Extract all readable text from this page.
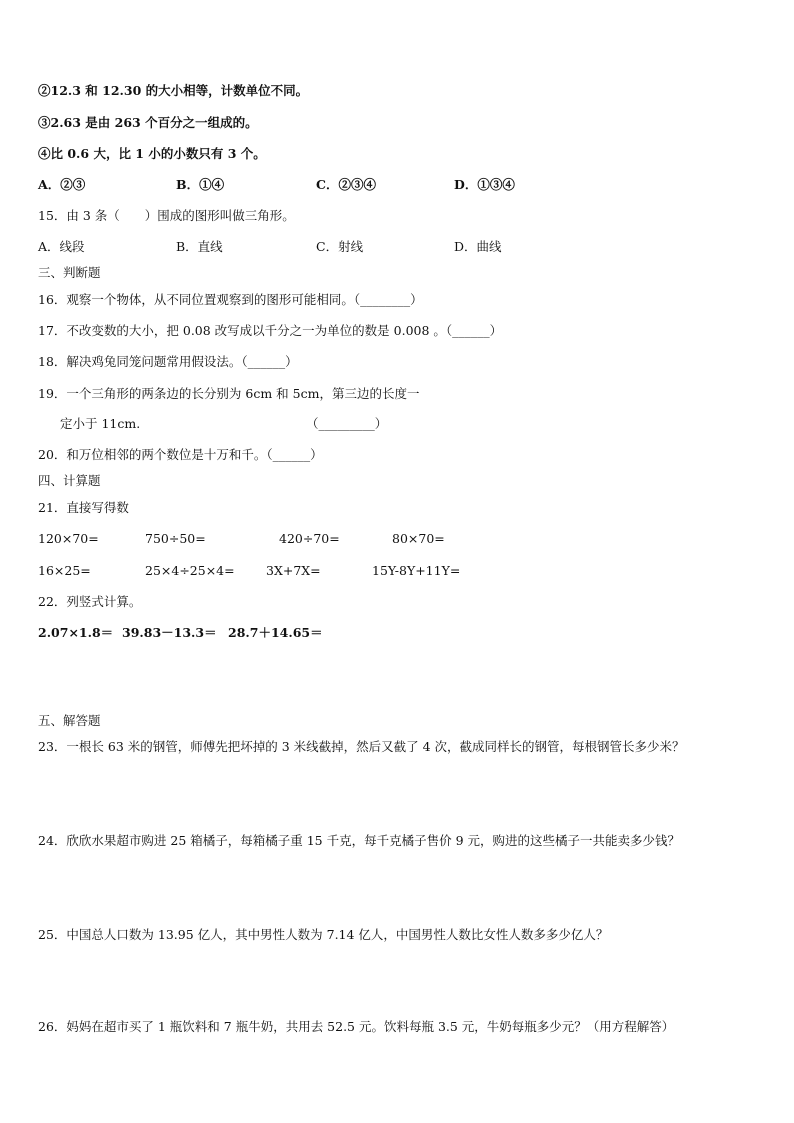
②12.3 和 12.30 的大小相等，计数单位不同。
③2.63 是由 263 个百分之一组成的。
④比 0.6 大，比 1 小的小数只有 3 个。
A．②③	B．①④	C．②③④	D．①③④
15．由 3 条（　　）围成的图形叫做三角形。
A．线段	B．直线	C．射线	D．曲线
三、判断题
16．观察一个物体，从不同位置观察到的图形可能相同。（________）
17．不改变数的大小，把 0.08 改写成以千分之一为单位的数是 0.008 。（______）
18．解决鸡兔同笼问题常用假设法。（______）
19．一个三角形的两条边的长分别为 6cm 和 5cm，第三边的长度一
定小于 11cm.	（_________）
20．和万位相邻的两个数位是十万和千。（______）
四、计算题
21．直接写得数
120×70=	750÷50=	420÷70=	80×70=
16×25=	25×4÷25×4=	3X+7X=	15Y-8Y+11Y=
22．列竖式计算。
2.07×1.8＝ 39.83－13.3＝ 28.7＋14.65＝
五、解答题
23．一根长 63 米的钢管，师傅先把坏掉的 3 米线截掉，然后又截了 4 次，截成同样长的钢管，每根钢管长多少米？
24．欣欣水果超市购进 25 箱橘子，每箱橘子重 15 千克，每千克橘子售价 9 元，购进的这些橘子一共能卖多少钱？
25．中国总人口数为 13.95 亿人，其中男性人数为 7.14 亿人，中国男性人数比女性人数多多少亿人？
26．妈妈在超市买了 1 瓶饮料和 7 瓶牛奶，共用去 52.5 元。饮料每瓶 3.5 元，牛奶每瓶多少元？（用方程解答）
